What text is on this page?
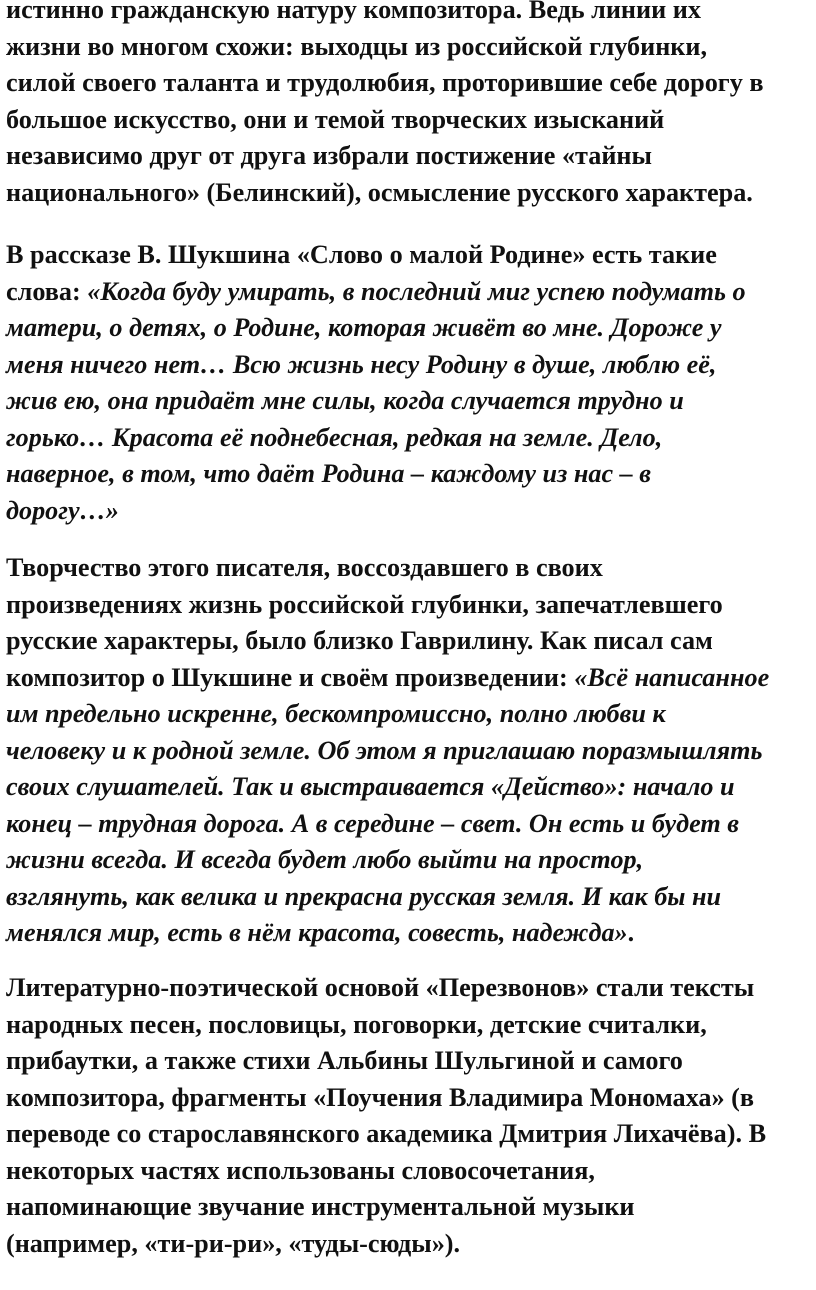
истинно гражданскую натуру композитора. Ведь линии их
жизни во многом схожи: выходцы из российской глубинки,
силой своего таланта и трудолюбия, проторившие себе дорогу в
большое искусство, они и темой творческих изысканий
независимо друг от друга избрали постижение «тайны
национального» (Белинский), осмысление русского характера.
В рассказе В. Шукшина «Слово о малой Родине» есть такие
слова: «Когда буду умирать, в последний миг успею подумать о
матери, о детях, о Родине, которая живёт во мне. Дороже у
меня ничего нет… Всю жизнь несу Родину в душе, люблю её,
жив ею, она придаёт мне силы, когда случается трудно и
горько… Красота её поднебесная, редкая на земле. Дело,
наверное, в том, что даёт Родина – каждому из нас – в
дорогу…»
Творчество этого писателя, воссоздавшего в своих
произведениях жизнь российской глубинки, запечатлевшего
русские характеры, было близко Гаврилину. Как писал сам
композитор о Шукшине и своём произведении: «Всё написанное
им предельно искренне, бескомпромиссно, полно любви к
человеку и к родной земле. Об этом я приглашаю поразмышлять
своих слушателей. Так и выстраивается «Действо»: начало и
конец – трудная дорога. А в середине – свет. Он есть и будет в
жизни всегда. И всегда будет любо выйти на простор,
взглянуть, как велика и прекрасна русская земля. И как бы ни
менялся мир, есть в нём красота, совесть, надежда».
Литературно-поэтической основой «Перезвонов» стали тексты
народных песен, пословицы, поговорки, детские считалки,
прибаутки, а также стихи Альбины Шульгиной и самого
композитора, фрагменты «Поучения Владимира Мономаха» (в
переводе со старославянского академика Дмитрия Лихачёва). В
некоторых частях использованы словосочетания,
напоминающие звучание инструментальной музыки
(например, «ти-ри-ри», «туды-сюды»).
